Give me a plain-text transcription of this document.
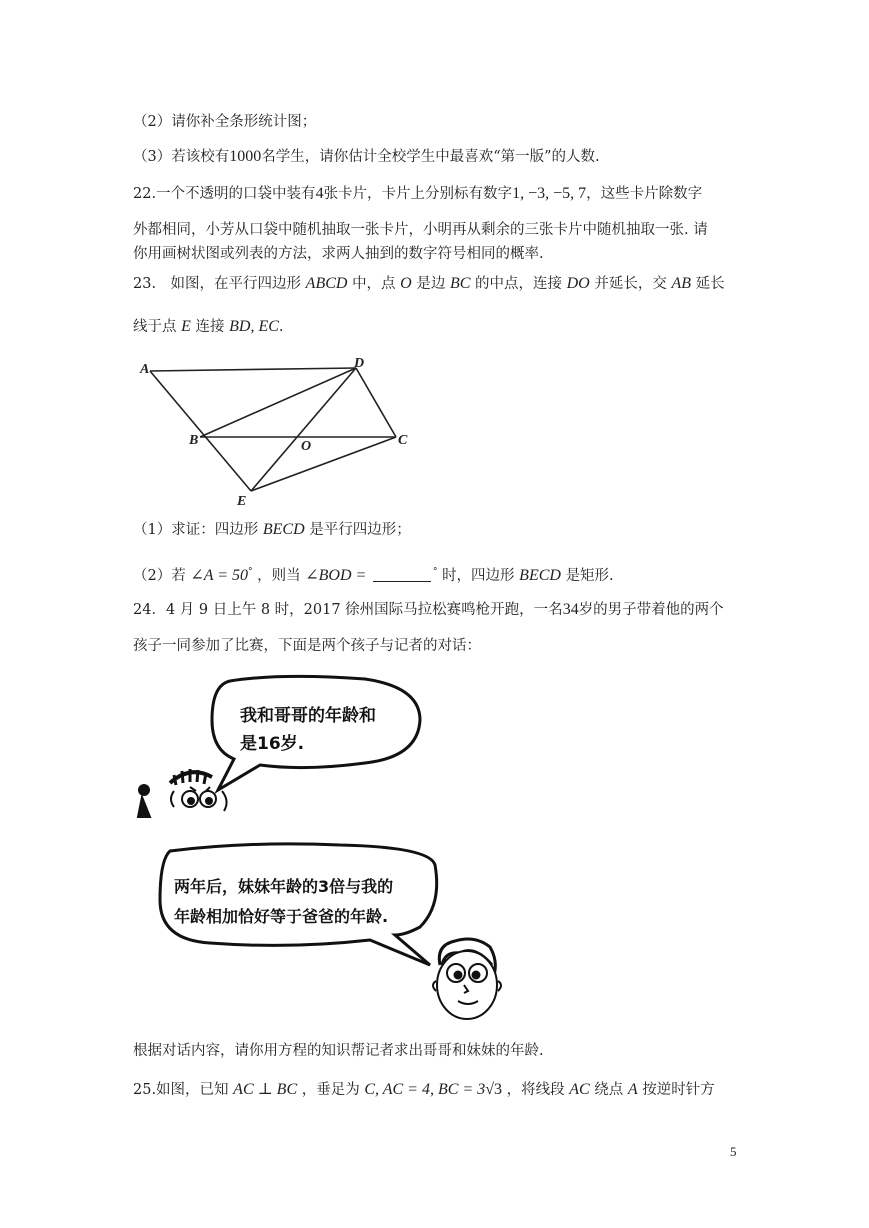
（2）请你补全条形统计图；
（3）若该校有1000名学生，请你估计全校学生中最喜欢“第一版”的人数.
22.一个不透明的口袋中装有4张卡片，卡片上分别标有数字1, −3, −5, 7，这些卡片除数字
外都相同，小芳从口袋中随机抽取一张卡片，小明再从剩余的三张卡片中随机抽取一张. 请
你用画树状图或列表的方法，求两人抽到的数字符号相同的概率.
23.　如图，在平行四边形 ABCD 中，点 O 是边 BC 的中点，连接 DO 并延长，交 AB 延长
线于点 E 连接 BD, EC.
A	D
B	O	C
E
（1）求证：四边形 BECD 是平行四边形；
（2）若 ∠A = 50° ，则当 ∠BOD =	° 时，四边形 BECD 是矩形.
24．4 月 9 日上午 8 时，2017 徐州国际马拉松赛鸣枪开跑，一名34岁的男子带着他的两个
孩子一同参加了比赛，下面是两个孩子与记者的对话：
我和哥哥的年龄和
是16岁.
两年后，妹妹年龄的3倍与我的
年龄相加恰好等于爸爸的年龄.
根据对话内容，请你用方程的知识帮记者求出哥哥和妹妹的年龄.
25.如图，已知 AC ⊥ BC ，垂足为 C, AC = 4, BC = 3√3 ，将线段 AC 绕点 A 按逆时针方
5
